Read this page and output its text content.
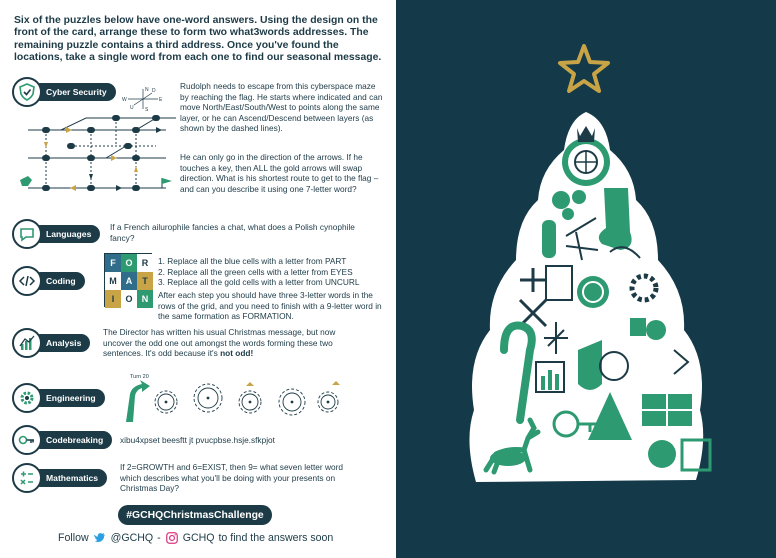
Six of the puzzles below have one-word answers. Using the design on the front of the card, arrange these to form two what3words addresses. The remaining puzzle contains a third address. Once you've found the locations, take a single word from each one to find our seasonal message.

Cyber Security	N
S
E
W
U
D	Rudolph needs to escape from this cyberspace maze by reaching the flag. He starts where indicated and can move North/East/South/West to points along the same layer, or he can Ascend/Descend between layers (as shown by the dashed lines).
He can only go in the direction of the arrows. If he touches a key, then ALL the gold arrows will swap direction. What is his shortest route to get to the flag – and can you describe it using one 7-letter word?
Languages
If a French ailurophile fancies a chat, what does a Polish cynophile fancy?
Coding
F	O	R
M	A	T
I	O	N
1. Replace all the blue cells with a letter from PART
2. Replace all the green cells with a letter from EYES
3. Replace all the gold cells with a letter from UNCURL
After each step you should have three 3-letter words in the rows of the grid, and you need to finish with a 9-letter word in the same formation as FORMATION.
Analysis
The Director has written his usual Christmas message, but now uncover the odd one out amongst the words forming these two sentences. It's odd because it's not odd!
Engineering
Turn 20
Codebreaking	xibu4xpset beesftt jt pvucpbse.hsje.sfkpjot
Mathematics
If 2=GROWTH and 6=EXIST, then 9= what seven letter word which describes what you'll be doing with your presents on Christmas Day?
#GCHQChristmasChallenge
Follow @GCHQ - GCHQ to find the answers soon
